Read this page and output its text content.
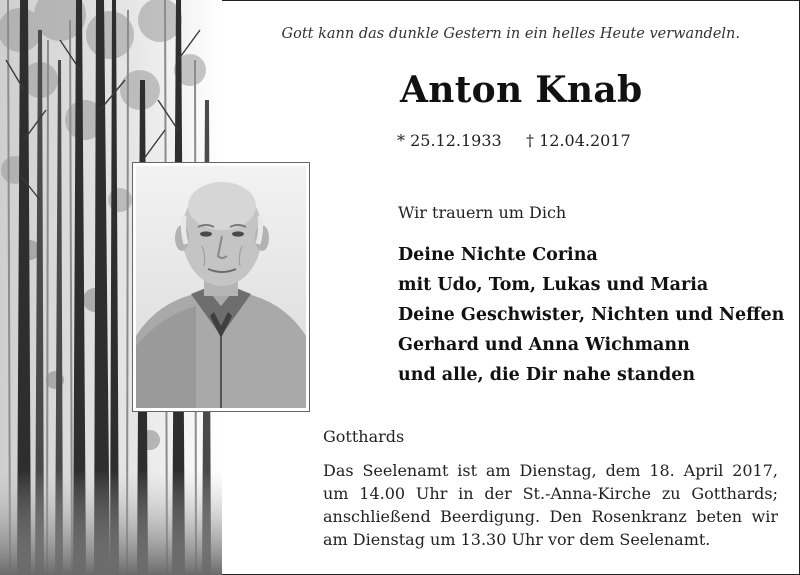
Gott kann das dunkle Gestern in ein helles Heute verwandeln.
Anton Knab
* 25.12.1933 † 12.04.2017
Wir trauern um Dich
Deine Nichte Corina
mit Udo, Tom, Lukas und Maria
Deine Geschwister, Nichten und Neffen
Gerhard und Anna Wichmann
und alle, die Dir nahe standen
Gotthards
Das Seelenamt ist am Dienstag, dem 18. April 2017,
um 14.00 Uhr in der St.-Anna-Kirche zu Gotthards;
anschließend Beerdigung. Den Rosenkranz beten wir
am Dienstag um 13.30 Uhr vor dem Seelenamt.
